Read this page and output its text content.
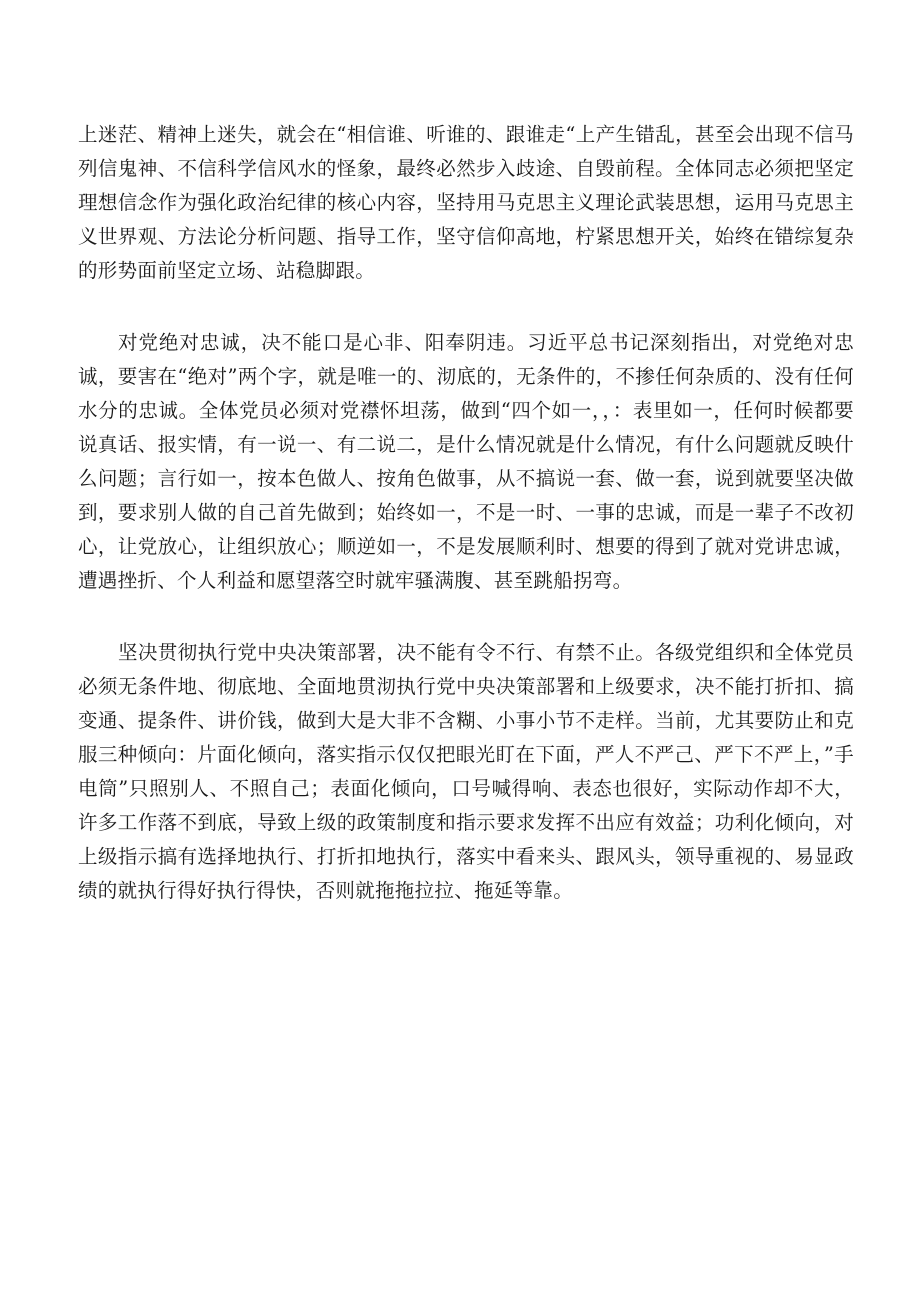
上迷茫、精神上迷失，就会在“相信谁、听谁的、跟谁走“上产生错乱，甚至会出现不信马列信鬼神、不信科学信风水的怪象，最终必然步入歧途、自毁前程。全体同志必须把坚定理想信念作为强化政治纪律的核心内容，坚持用马克思主义理论武装思想，运用马克思主义世界观、方法论分析问题、指导工作，坚守信仰高地，柠紧思想开关，始终在错综复杂的形势面前坚定立场、站稳脚跟。

对党绝对忠诚，决不能口是心非、阳奉阴违。习近平总书记深刻指出，对党绝对忠诚，要害在“绝对”两个字，就是唯一的、沏底的，无条件的，不掺任何杂质的、没有任何水分的忠诚。全体党员必须对党襟怀坦荡，做到“四个如一，，：表里如一，任何时候都要说真话、报实情，有一说一、有二说二，是什么情况就是什么情况，有什么问题就反映什么问题；言行如一，按本色做人、按角色做事，从不搞说一套、做一套，说到就要坚决做到，要求别人做的自己首先做到；始终如一，不是一时、一事的忠诚，而是一辈子不改初心，让党放心，让组织放心；顺逆如一，不是发展顺利时、想要的得到了就对党讲忠诚，遭遇挫折、个人利益和愿望落空时就牢骚满腹、甚至跳船拐弯。

坚决贯彻执行党中央决策部署，决不能有令不行、有禁不止。各级党组织和全体党员必须无条件地、彻底地、全面地贯沏执行党中央决策部署和上级要求，决不能打折扣、搞变通、提条件、讲价钱，做到大是大非不含糊、小事小节不走样。当前，尤其要防止和克服三种倾向：片面化倾向，落实指示仅仅把眼光盯在下面，严人不严己、严下不严上，”手电筒”只照别人、不照自己；表面化倾向，口号喊得响、表态也很好，实际动作却不大，许多工作落不到底，导致上级的政策制度和指示要求发挥不出应有效益；功利化倾向，对上级指示搞有选择地执行、打折扣地执行，落实中看来头、跟风头，领导重视的、易显政绩的就执行得好执行得快，否则就拖拖拉拉、拖延等靠。
